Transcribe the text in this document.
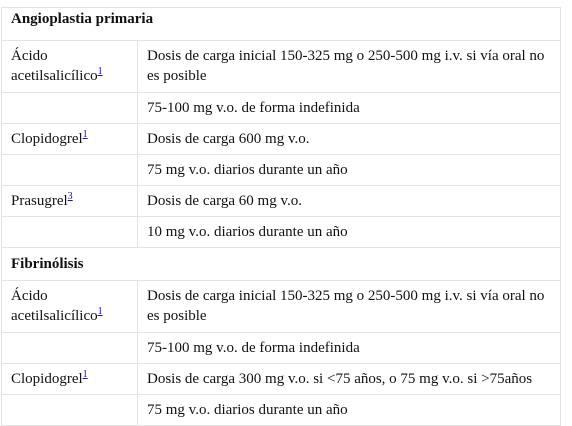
Angioplastia primaria	
Ácido acetilsalicílico$^1$	Dosis de carga inicial 150-325 mg o 250-500 mg i.v. si vía oral no es posible
	75-100 mg v.o. de forma indefinida
Clopidogrel$^1$	Dosis de carga 600 mg v.o.
	75 mg v.o. diarios durante un año
Prasugrel$^3$	Dosis de carga 60 mg v.o.
	10 mg v.o. diarios durante un año
Fibrinólisis	
Ácido acetilsalicílico$^1$	Dosis de carga inicial 150-325 mg o 250-500 mg i.v. si vía oral no es posible
	75-100 mg v.o. de forma indefinida
Clopidogrel$^1$	Dosis de carga 300 mg v.o. si <75 años, o 75 mg v.o. si >75años
	75 mg v.o. diarios durante un año
